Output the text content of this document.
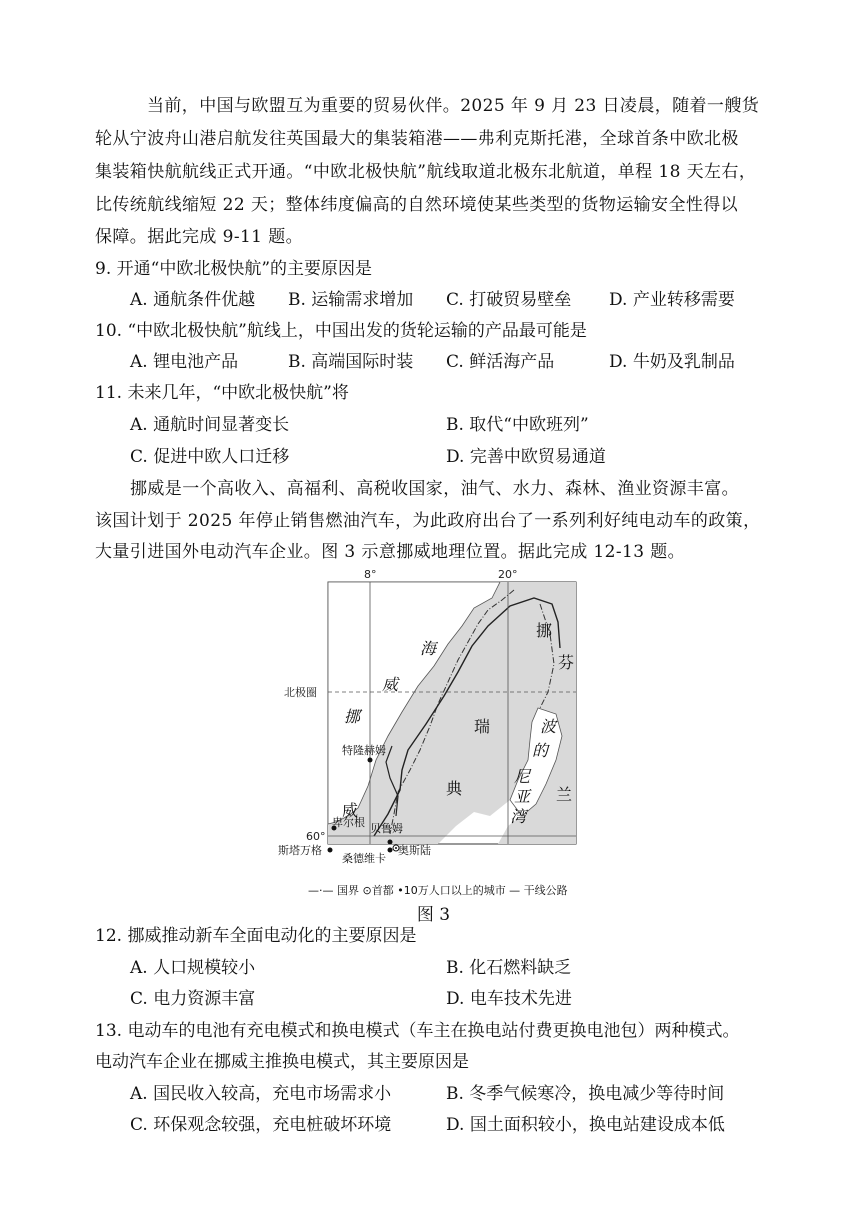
当前，中国与欧盟互为重要的贸易伙伴。2025 年 9 月 23 日凌晨，随着一艘货
轮从宁波舟山港启航发往英国最大的集装箱港——弗利克斯托港，全球首条中欧北极
集装箱快航航线正式开通。“中欧北极快航”航线取道北极东北航道，单程 18 天左右，
比传统航线缩短 22 天；整体纬度偏高的自然环境使某些类型的货物运输安全性得以
保障。据此完成 9-11 题。
9. 开通“中欧北极快航”的主要原因是
A. 通航条件优越 B. 运输需求增加 C. 打破贸易壁垒 D. 产业转移需要
10. “中欧北极快航”航线上，中国出发的货轮运输的产品最可能是
A. 锂电池产品	B. 高端国际时装 C. 鲜活海产品	D. 牛奶及乳制品
11. 未来几年，“中欧北极快航”将
A. 通航时间显著变长	B. 取代“中欧班列”
C. 促进中欧人口迁移	D. 完善中欧贸易通道
挪威是一个高收入、高福利、高税收国家，油气、水力、森林、渔业资源丰富。
该国计划于 2025 年停止销售燃油汽车，为此政府出台了一系列利好纯电动车的政策，
大量引进国外电动汽车企业。图 3 示意挪威地理位置。据此完成 12-13 题。
8°	20°
北极圈
60°
海
威
挪
瑞
典
挪
芬
兰
波
的
尼
亚
湾
威
特隆赫姆
卑尔根 贝鲁姆
斯塔万格
桑德维卡
奥斯陆
—·— 国界 ⊙首都 •10万人口以上的城市 — 干线公路
图 3
12. 挪威推动新车全面电动化的主要原因是
A. 人口规模较小	B. 化石燃料缺乏
C. 电力资源丰富	D. 电车技术先进
13. 电动车的电池有充电模式和换电模式（车主在换电站付费更换电池包）两种模式。
电动汽车企业在挪威主推换电模式，其主要原因是
A. 国民收入较高，充电市场需求小	B. 冬季气候寒冷，换电减少等待时间
C. 环保观念较强，充电桩破坏环境	D. 国土面积较小，换电站建设成本低
